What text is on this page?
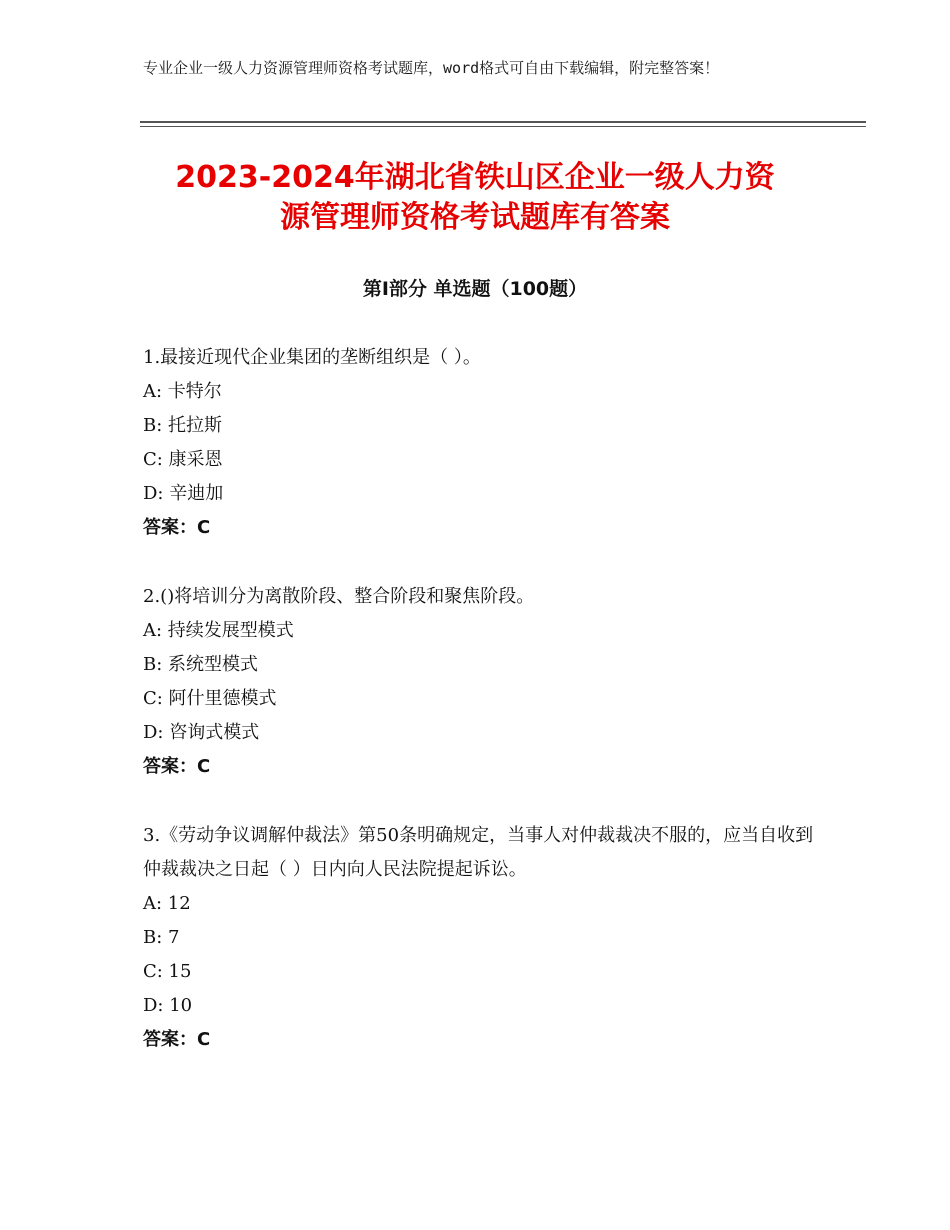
专业企业一级人力资源管理师资格考试题库，word格式可自由下载编辑，附完整答案！
2023-2024年湖北省铁山区企业一级人力资
源管理师资格考试题库有答案
第Ⅰ部分 单选题（100题）
1.最接近现代企业集团的垄断组织是（ ）。
A: 卡特尔
B: 托拉斯
C: 康采恩
D: 辛迪加
答案：C
2.()将培训分为离散阶段、整合阶段和聚焦阶段。
A: 持续发展型模式
B: 系统型模式
C: 阿什里德模式
D: 咨询式模式
答案：C
3.《劳动争议调解仲裁法》第50条明确规定，当事人对仲裁裁决不服的，应当自收到仲裁裁决之日起（ ）日内向人民法院提起诉讼。
A: 12
B: 7
C: 15
D: 10
答案：C
